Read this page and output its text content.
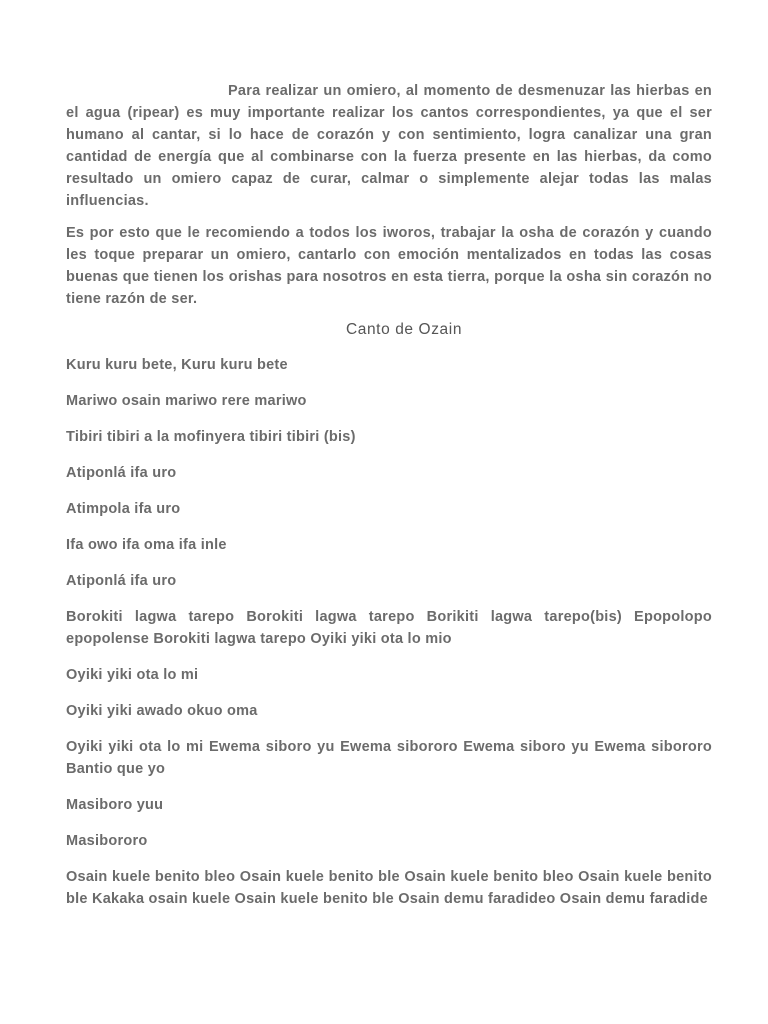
Para realizar un omiero, al momento de desmenuzar las hierbas en el agua (ripear) es muy importante realizar los cantos correspondientes, ya que el ser humano al cantar, si lo hace de corazón y con sentimiento, logra canalizar una gran cantidad de energía que al combinarse con la fuerza presente en las hierbas, da como resultado un omiero capaz de curar, calmar o simplemente alejar todas las malas influencias.

Es por esto que le recomiendo a todos los iworos, trabajar la osha de corazón y cuando les toque preparar un omiero, cantarlo con emoción mentalizados en todas las cosas buenas que tienen los orishas para nosotros en esta tierra, porque la osha sin corazón no tiene razón de ser.

Canto de Ozain

Kuru kuru bete, Kuru kuru bete

Mariwo osain mariwo rere mariwo

Tibiri tibiri a la mofinyera tibiri tibiri (bis)

Atiponlá ifa uro

Atimpola ifa uro

Ifa owo ifa oma ifa inle

Atiponlá ifa uro

Borokiti lagwa tarepo Borokiti lagwa tarepo Borikiti lagwa tarepo(bis) Epopolopo epopolense Borokiti lagwa tarepo Oyiki yiki ota lo mio

Oyiki yiki ota lo mi

Oyiki yiki awado okuo oma

Oyiki yiki ota lo mi Ewema siboro yu Ewema sibororo Ewema siboro yu Ewema sibororo Bantio que yo

Masiboro yuu

Masibororo

Osain kuele benito bleo Osain kuele benito ble Osain kuele benito bleo Osain kuele benito ble Kakaka osain kuele Osain kuele benito ble Osain demu faradideo Osain demu faradide
